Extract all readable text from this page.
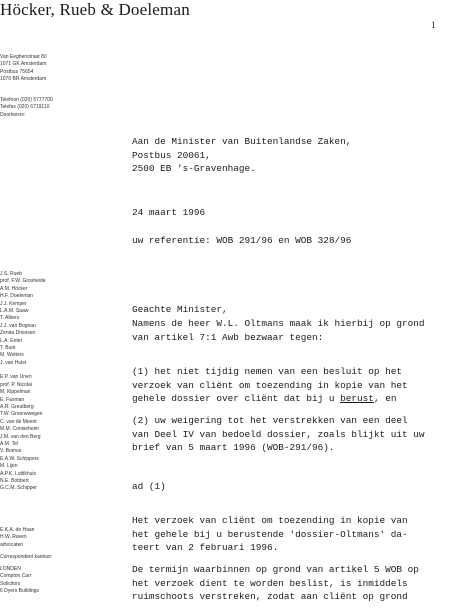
Höcker, Rueb & Doeleman
1
Van Eeghenstraat 80
1071 GK Amsterdam
Postbus 75654
1070 BR Amsterdam
Telefoon (020) 5777700
Telefax (020) 6719110
Doorkiesnr:
J.S. Rueb
prof. F.W. Grosheide
A.M. Höcker
H.F. Doeleman
J.J. Kemper
L.A.M. Saaw
T. Albers
J.J. van Bognan
Zenda Driessen
L.A. Enter
T. Bunt
M. Wolters
J. van Hulst
E.P. van Unen
prof. P. Nicolaï
M. Kippelman
E. Fasman
A.R. Greutberg
T.W. Groenewegen
C. van de Meent
M.M. Coniseheim
J.M. van den Berg
A.M. Tel
V. Bomus
E.A.W. Schippers
M. Lijen
A.P.K. Luttikhuis
N.E. Bobbert
G.C.M. Schipper
E.K.A. de Haan
H.W. Raven
advocaten
Correspondent kantoor:
LONDEN
Compton Carr
Solicitors
6 Dyers Buildings
Aan de Minister van Buitenlandse Zaken,
Postbus 20061,
2500 EB 's-Gravenhage.
24 maart 1996
uw referentie: WOB 291/96 en WOB 328/96
Geachte Minister,
Namens de heer W.L. Oltmans maak ik hierbij op grond
van artikel 7:1 Awb bezwaar tegen:
(1) het niet tijdig nemen van een besluit op het
verzoek van cliënt om toezending in kopie van het
gehele dossier over cliënt dat bij u berust, en
(2) uw weigering tot het verstrekken van een deel
van Deel IV van bedoeld dossier, zoals blijkt uit uw
brief van 5 maart 1996 (WOB-291/96).
ad (1)
Het verzoek van cliënt om toezending in kopie van
het gehele bij u berustende 'dossier-Oltmans' da-
teert van 2 februari 1996.
De termijn waarbinnen op grond van artikel 5 WOB op
het verzoek dient te worden beslist, is inmiddels
ruimschoots verstreken, zodat aan cliënt op grond
